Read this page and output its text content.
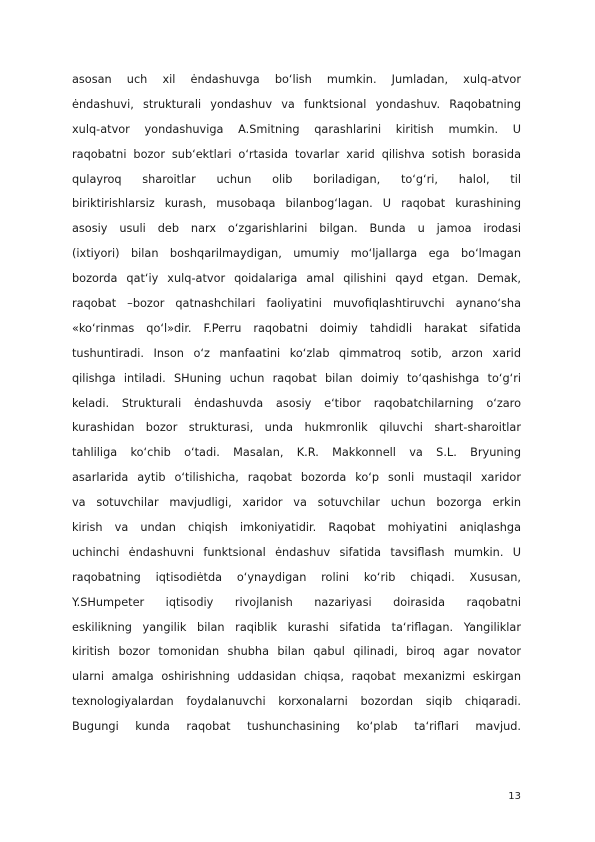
asosan uch xil ėndashuvga bo‘lish mumkin. Jumladan, xulq-atvor
ėndashuvi, strukturali yondashuv va funktsional yondashuv. Raqobatning
xulq-atvor yondashuviga A.Smitning qarashlarini kiritish mumkin. U
raqobatni bozor sub‘ektlari o‘rtasida tovarlar xarid qilishva sotish borasida
qulayroq sharoitlar uchun olib boriladigan, to‘g‘ri, halol, til
biriktirishlarsiz kurash, musobaqa bilanbog‘lagan. U raqobat kurashining
asosiy usuli deb narx o‘zgarishlarini bilgan. Bunda u jamoa irodasi
(ixtiyori) bilan boshqarilmaydigan, umumiy mo‘ljallarga ega bo‘lmagan
bozorda qat‘iy xulq-atvor qoidalariga amal qilishini qayd etgan. Demak,
raqobat –bozor qatnashchilari faoliyatini muvofiqlashtiruvchi aynano‘sha
«ko‘rinmas qo‘l»dir. F.Perru raqobatni doimiy tahdidli harakat sifatida
tushuntiradi. Inson o‘z manfaatini ko‘zlab qimmatroq sotib, arzon xarid
qilishga intiladi. SHuning uchun raqobat bilan doimiy to‘qashishga to‘g‘ri
keladi. Strukturali ėndashuvda asosiy e‘tibor raqobatchilarning o‘zaro
kurashidan bozor strukturasi, unda hukmronlik qiluvchi shart-sharoitlar
tahliliga ko‘chib o‘tadi. Masalan, K.R. Makkonnell va S.L. Bryuning
asarlarida aytib o‘tilishicha, raqobat bozorda ko‘p sonli mustaqil xaridor
va sotuvchilar mavjudligi, xaridor va sotuvchilar uchun bozorga erkin
kirish va undan chiqish imkoniyatidir. Raqobat mohiyatini aniqlashga
uchinchi ėndashuvni funktsional ėndashuv sifatida tavsiflash mumkin. U
raqobatning iqtisodiėtda o‘ynaydigan rolini ko‘rib chiqadi. Xususan,
Y.SHumpeter iqtisodiy rivojlanish nazariyasi doirasida raqobatni
eskilikning yangilik bilan raqiblik kurashi sifatida ta‘riflagan. Yangiliklar
kiritish bozor tomonidan shubha bilan qabul qilinadi, biroq agar novator
ularni amalga oshirishning uddasidan chiqsa, raqobat mexanizmi eskirgan
texnologiyalardan foydalanuvchi korxonalarni bozordan siqib chiqaradi.
Bugungi kunda raqobat tushunchasining ko‘plab ta‘riflari mavjud.
13
